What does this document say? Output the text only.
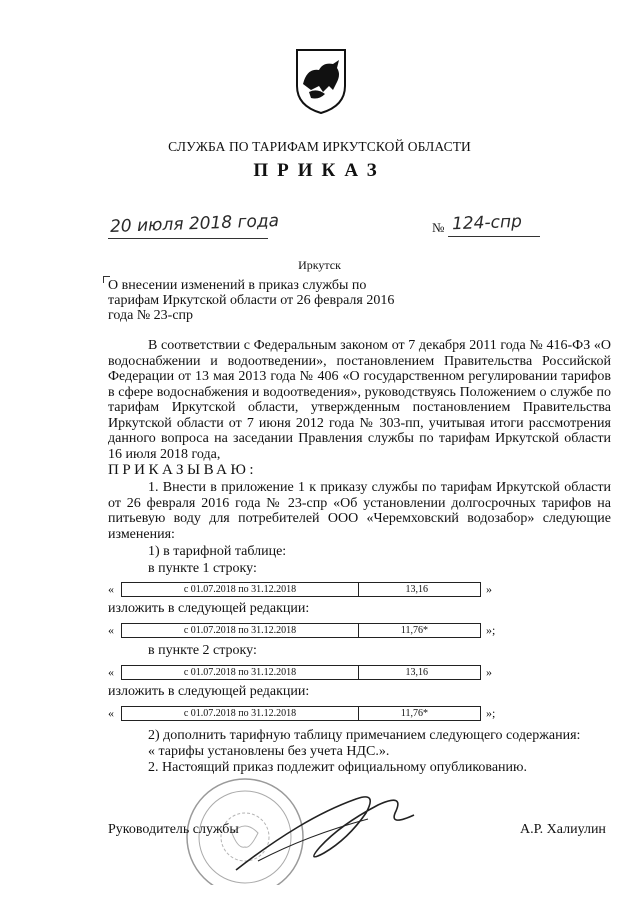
СЛУЖБА ПО ТАРИФАМ ИРКУТСКОЙ ОБЛАСТИ
ПРИКАЗ
20 июля 2018 года	№ 124-спр
Иркутск
О внесении изменений в приказ службы по тарифам Иркутской области от 26 февраля 2016 года № 23-спр
В соответствии с Федеральным законом от 7 декабря 2011 года № 416-ФЗ «О водоснабжении и водоотведении», постановлением Правительства Российской Федерации от 13 мая 2013 года № 406 «О государственном регулировании тарифов в сфере водоснабжения и водоотведения», руководствуясь Положением о службе по тарифам Иркутской области, утвержденным постановлением Правительства Иркутской области от 7 июня 2012 года № 303-пп, учитывая итоги рассмотрения данного вопроса на заседании Правления службы по тарифам Иркутской области 16 июля 2018 года,
ПРИКАЗЫВАЮ:
1. Внести в приложение 1 к приказу службы по тарифам Иркутской области от 26 февраля 2016 года № 23-спр «Об установлении долгосрочных тарифов на питьевую воду для потребителей ООО «Черемховский водозабор» следующие изменения:
1) в тарифной таблице:
в пункте 1 строку:
«	с 01.07.2018 по 31.12.2018	13,16	»
изложить в следующей редакции:
«	с 01.07.2018 по 31.12.2018	11,76*	»;
в пункте 2 строку:
«	с 01.07.2018 по 31.12.2018	13,16	»
изложить в следующей редакции:
«	с 01.07.2018 по 31.12.2018	11,76*	»;
2) дополнить тарифную таблицу примечанием следующего содержания:
« тарифы установлены без учета НДС.».
2. Настоящий приказ подлежит официальному опубликованию.
Руководитель службы	А.Р. Халиулин
